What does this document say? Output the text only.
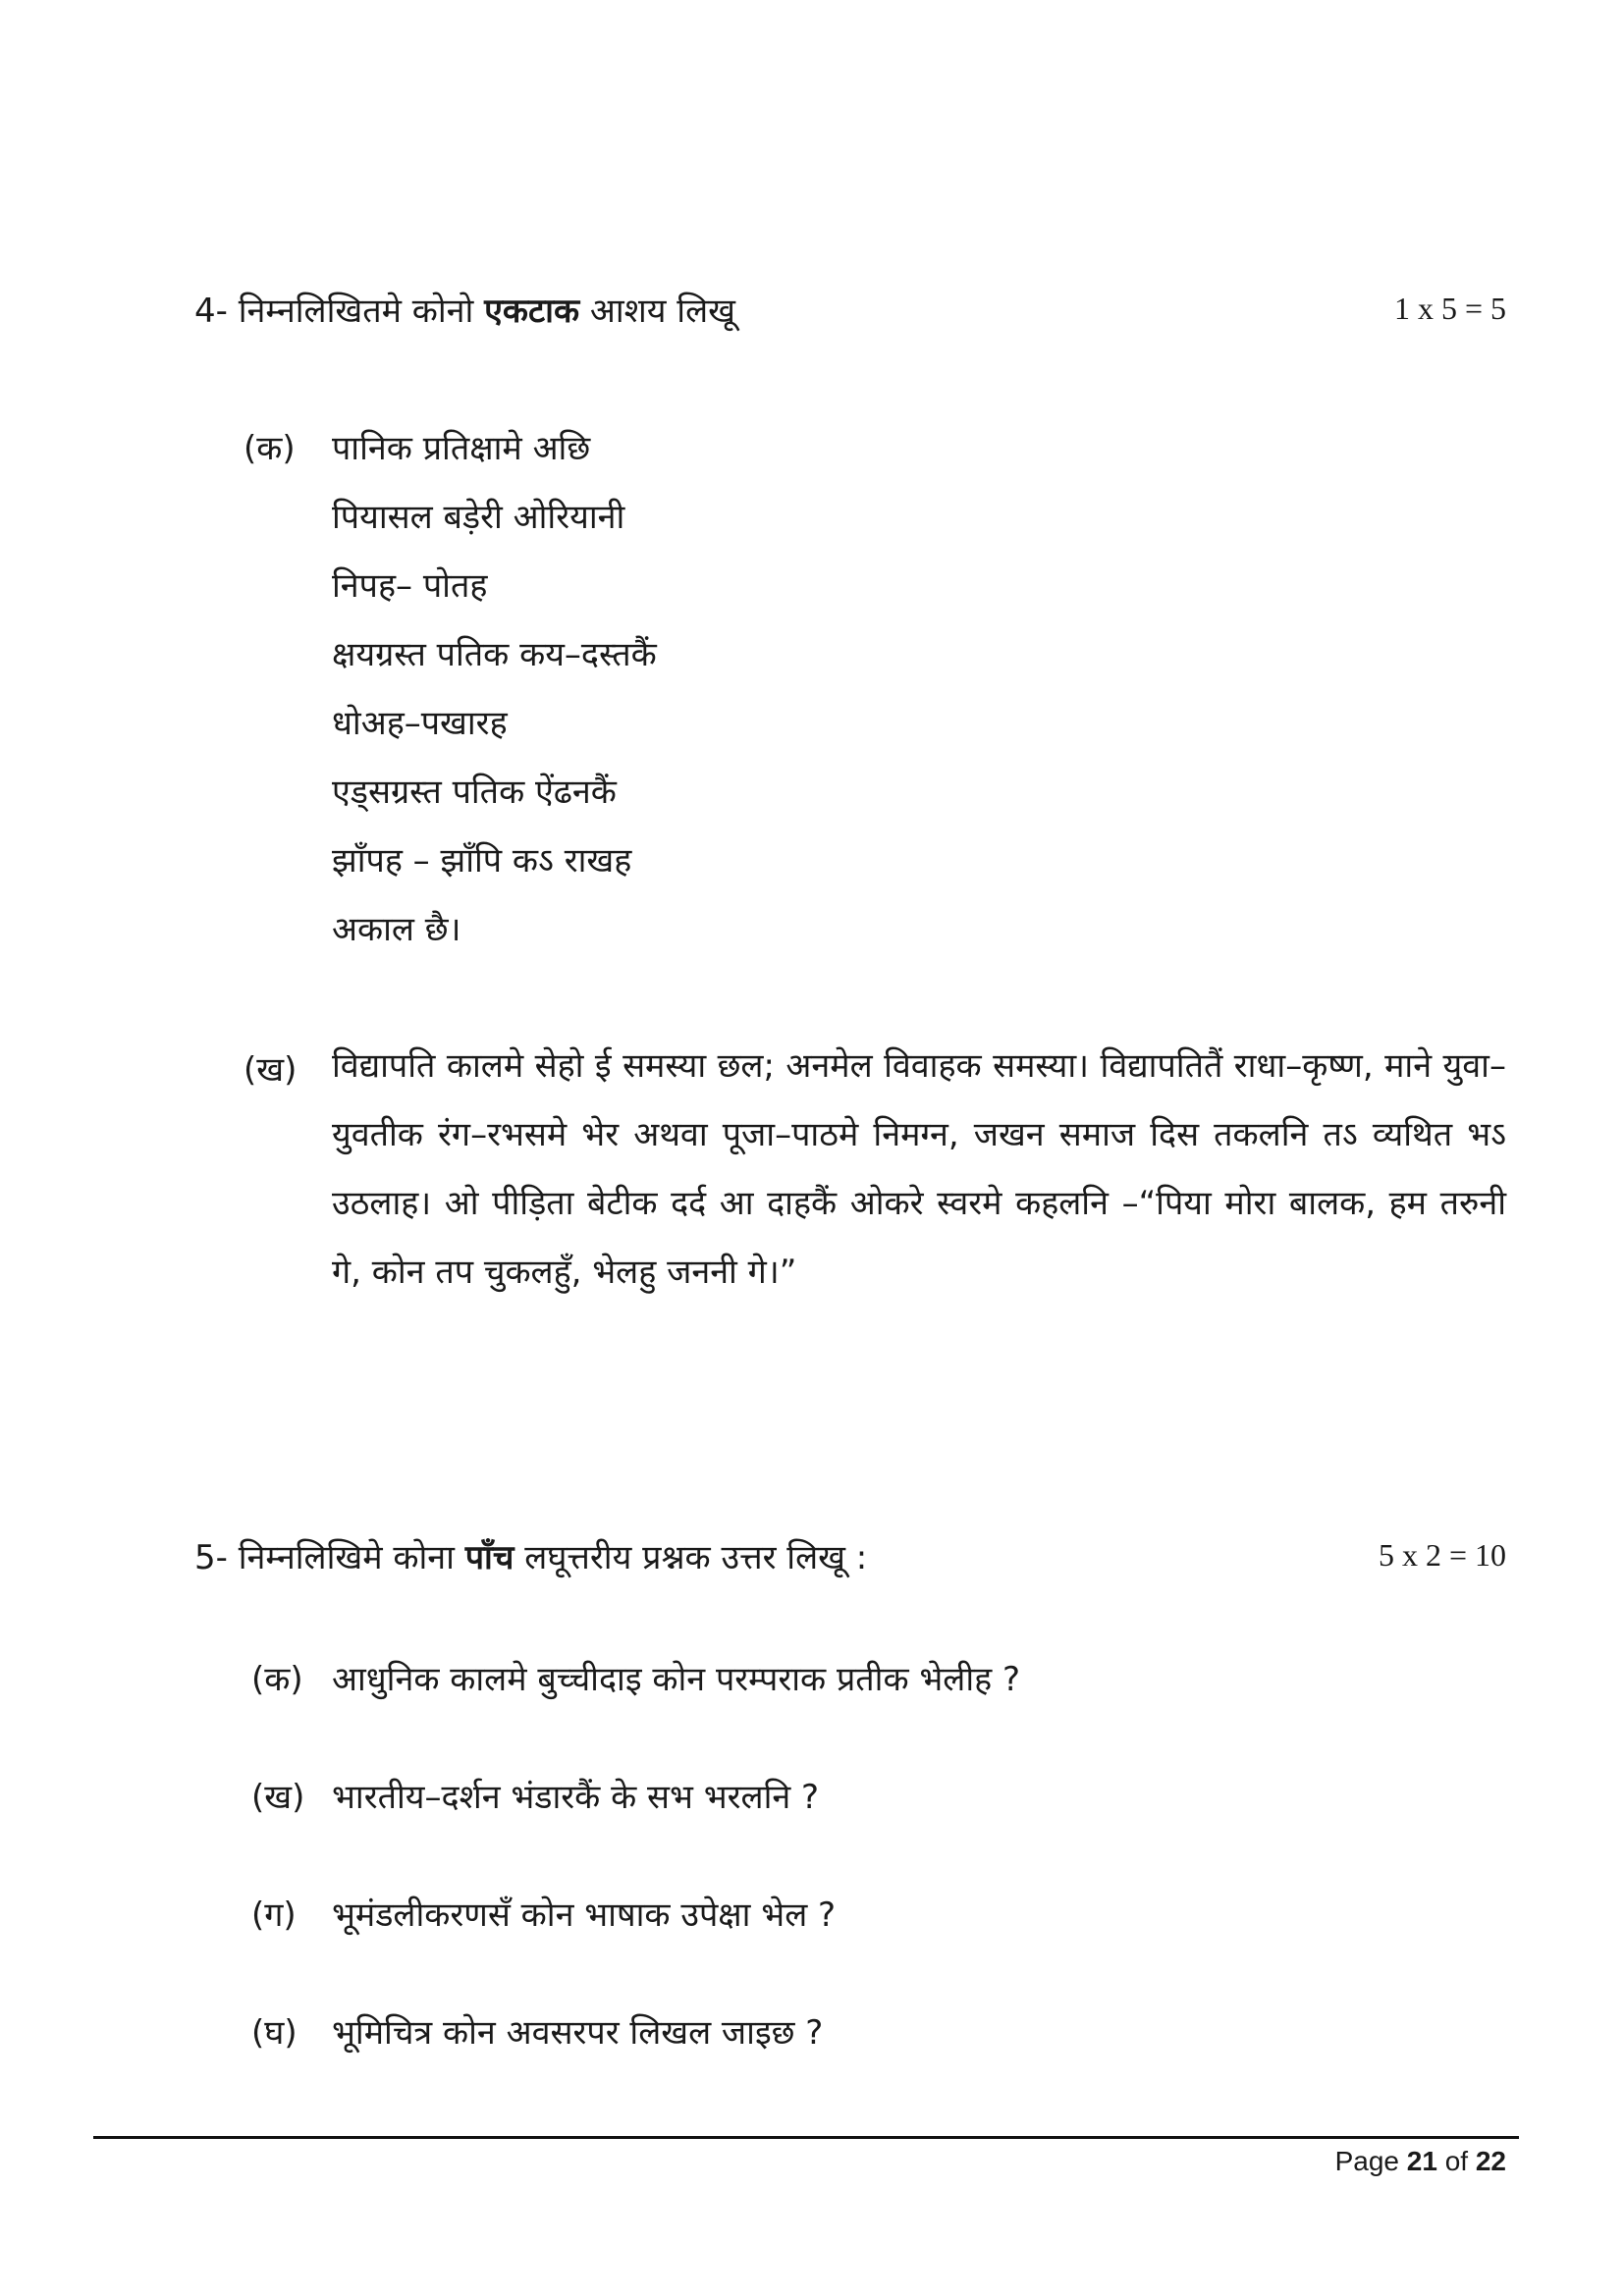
4- निम्नलिखितमे कोनो एकटाक आशय लिखू	1 x 5 = 5
(क) पानिक प्रतिक्षामे अछि
पियासल बड़ेरी ओरियानी
निपह– पोतह
क्षयग्रस्त पतिक कय–दस्तकैं
धोअह–पखारह
एड्सग्रस्त पतिक ऐंढनकैं
झाँपह – झाँपि कऽ राखह
अकाल छै।
(ख) विद्यापति कालमे सेहो ई समस्या छल; अनमेल विवाहक समस्या। विद्यापतितैं राधा–कृष्ण, माने युवा–युवतीक रंग–रभसमे भेर अथवा पूजा–पाठमे निमग्न, जखन समाज दिस तकलनि तऽ व्यथित भऽ उठलाह। ओ पीड़िता बेटीक दर्द आ दाहकैं ओकरे स्वरमे कहलनि –“पिया मोरा बालक, हम तरुनी गे, कोन तप चुकलहुँ, भेलहु जननी गे।”
5- निम्नलिखिमे कोना पाँच लघूत्तरीय प्रश्नक उत्तर लिखू :	5 x 2 = 10
(क) आधुनिक कालमे बुच्चीदाइ कोन परम्पराक प्रतीक भेलीह ?
(ख) भारतीय–दर्शन भंडारकैं के सभ भरलनि ?
(ग) भूमंडलीकरणसँ कोन भाषाक उपेक्षा भेल ?
(घ) भूमिचित्र कोन अवसरपर लिखल जाइछ ?
Page 21 of 22
